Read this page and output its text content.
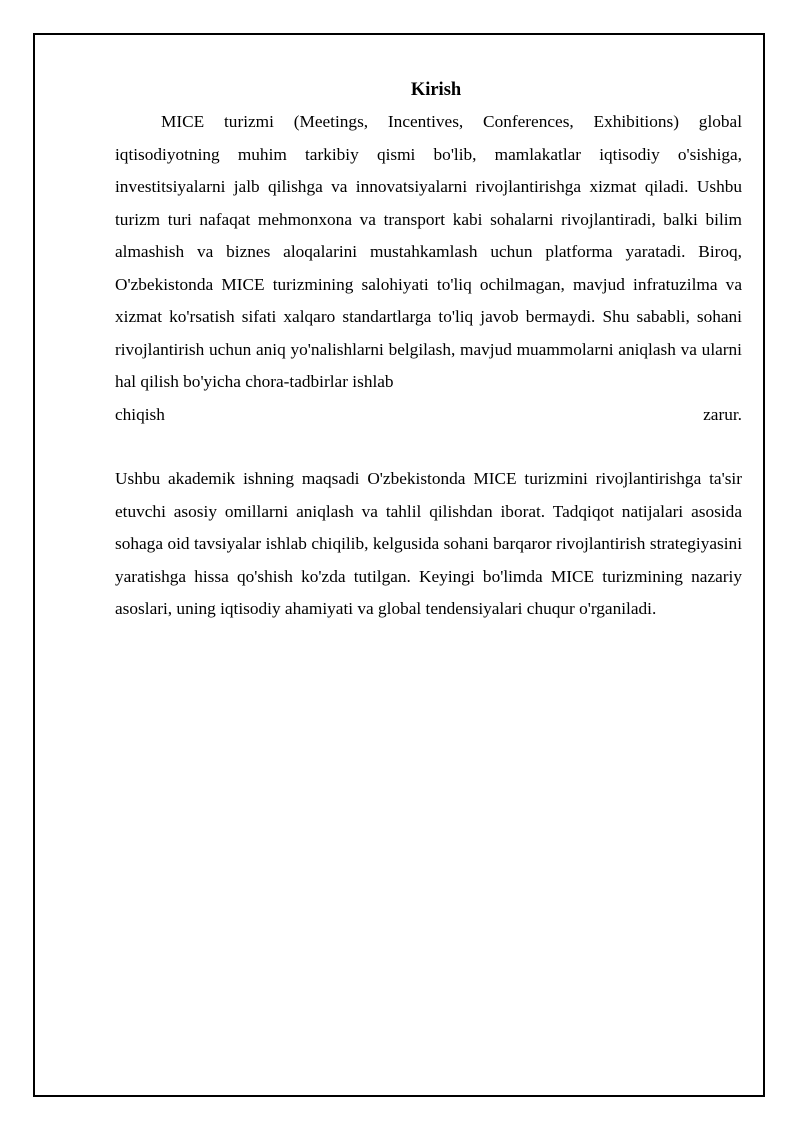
Kirish

MICE turizmi (Meetings, Incentives, Conferences, Exhibitions) global iqtisodiyotning muhim tarkibiy qismi bo'lib, mamlakatlar iqtisodiy o'sishiga, investitsiyalarni jalb qilishga va innovatsiyalarni rivojlantirishga xizmat qiladi. Ushbu turizm turi nafaqat mehmonxona va transport kabi sohalarni rivojlantiradi, balki bilim almashish va biznes aloqalarini mustahkamlash uchun platforma yaratadi. Biroq, O'zbekistonda MICE turizmining salohiyati to'liq ochilmagan, mavjud infratuzilma va xizmat ko'rsatish sifati xalqaro standartlarga to'liq javob bermaydi. Shu sababli, sohani rivojlantirish uchun aniq yo'nalishlarni belgilash, mavjud muammolarni aniqlash va ularni hal qilish bo'yicha chora-tadbirlar ishlab

chiqish zarur.

Ushbu akademik ishning maqsadi O'zbekistonda MICE turizmini rivojlantirishga ta'sir etuvchi asosiy omillarni aniqlash va tahlil qilishdan iborat. Tadqiqot natijalari asosida sohaga oid tavsiyalar ishlab chiqilib, kelgusida sohani barqaror rivojlantirish strategiyasini yaratishga hissa qo'shish ko'zda tutilgan. Keyingi bo'limda MICE turizmining nazariy asoslari, uning iqtisodiy ahamiyati va global tendensiyalari chuqur o'rganiladi.
